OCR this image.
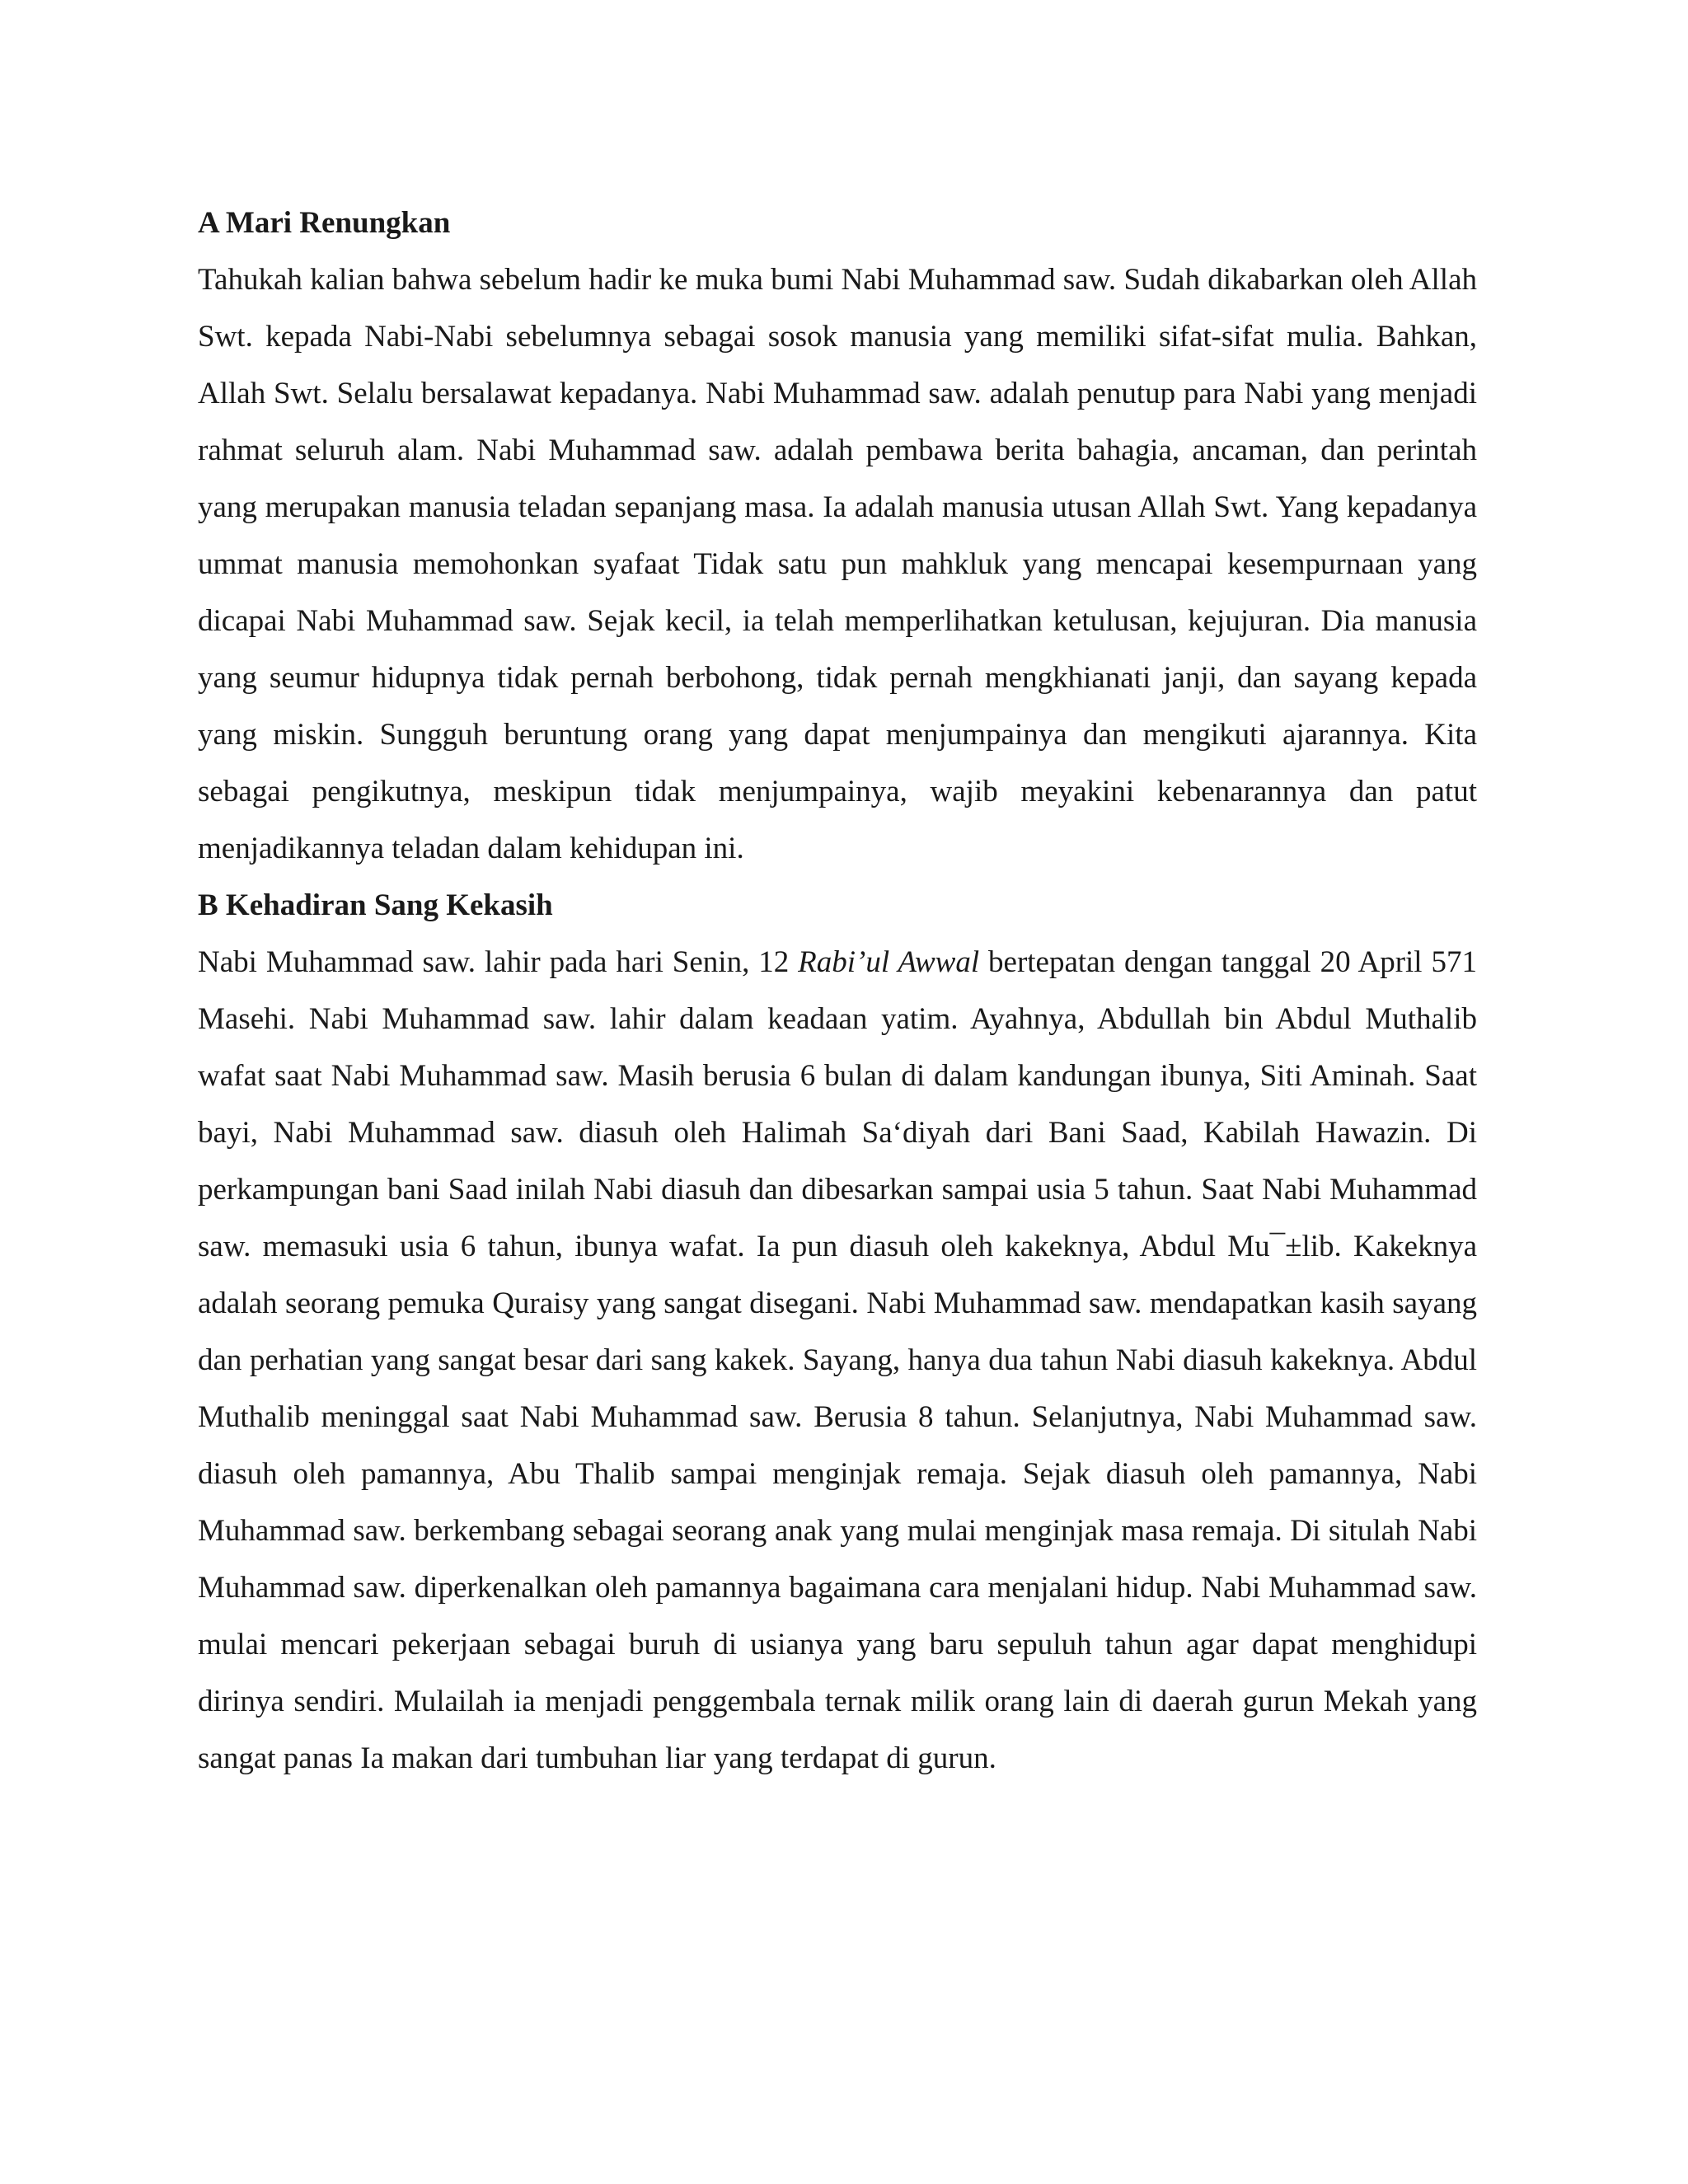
A Mari Renungkan

Tahukah kalian bahwa sebelum hadir ke muka bumi Nabi Muhammad saw. Sudah dikabarkan oleh Allah Swt. kepada Nabi-Nabi sebelumnya sebagai sosok manusia yang memiliki sifat-sifat mulia. Bahkan, Allah Swt. Selalu bersalawat kepadanya. Nabi Muhammad saw. adalah penutup para Nabi yang menjadi rahmat seluruh alam. Nabi Muhammad saw. adalah pembawa berita bahagia, ancaman, dan perintah yang merupakan manusia teladan sepanjang masa. Ia adalah manusia utusan Allah Swt. Yang kepadanya ummat manusia memohonkan syafaat Tidak satu pun mahkluk yang mencapai kesempurnaan yang dicapai Nabi Muhammad saw. Sejak kecil, ia telah memperlihatkan ketulusan, kejujuran. Dia manusia yang seumur hidupnya tidak pernah berbohong, tidak pernah mengkhianati janji, dan sayang kepada yang miskin. Sungguh beruntung orang yang dapat menjumpainya dan mengikuti ajarannya. Kita sebagai pengikutnya, meskipun tidak menjumpainya, wajib meyakini kebenarannya dan patut menjadikannya teladan dalam kehidupan ini.

B Kehadiran Sang Kekasih

Nabi Muhammad saw. lahir pada hari Senin, 12 Rabi’ul Awwal bertepatan dengan tanggal 20 April 571 Masehi. Nabi Muhammad saw. lahir dalam keadaan yatim. Ayahnya, Abdullah bin Abdul Muthalib wafat saat Nabi Muhammad saw. Masih berusia 6 bulan di dalam kandungan ibunya, Siti Aminah. Saat bayi, Nabi Muhammad saw. diasuh oleh Halimah Sa‘diyah dari Bani Saad, Kabilah Hawazin. Di perkampungan bani Saad inilah Nabi diasuh dan dibesarkan sampai usia 5 tahun. Saat Nabi Muhammad saw. memasuki usia 6 tahun, ibunya wafat. Ia pun diasuh oleh kakeknya, Abdul Mu¯±lib. Kakeknya adalah seorang pemuka Quraisy yang sangat disegani. Nabi Muhammad saw. mendapatkan kasih sayang dan perhatian yang sangat besar dari sang kakek. Sayang, hanya dua tahun Nabi diasuh kakeknya. Abdul Muthalib meninggal saat Nabi Muhammad saw. Berusia 8 tahun. Selanjutnya, Nabi Muhammad saw. diasuh oleh pamannya, Abu Thalib sampai menginjak remaja. Sejak diasuh oleh pamannya, Nabi Muhammad saw. berkembang sebagai seorang anak yang mulai menginjak masa remaja. Di situlah Nabi Muhammad saw. diperkenalkan oleh pamannya bagaimana cara menjalani hidup. Nabi Muhammad saw. mulai mencari pekerjaan sebagai buruh di usianya yang baru sepuluh tahun agar dapat menghidupi dirinya sendiri. Mulailah ia menjadi penggembala ternak milik orang lain di daerah gurun Mekah yang sangat panas Ia makan dari tumbuhan liar yang terdapat di gurun.
